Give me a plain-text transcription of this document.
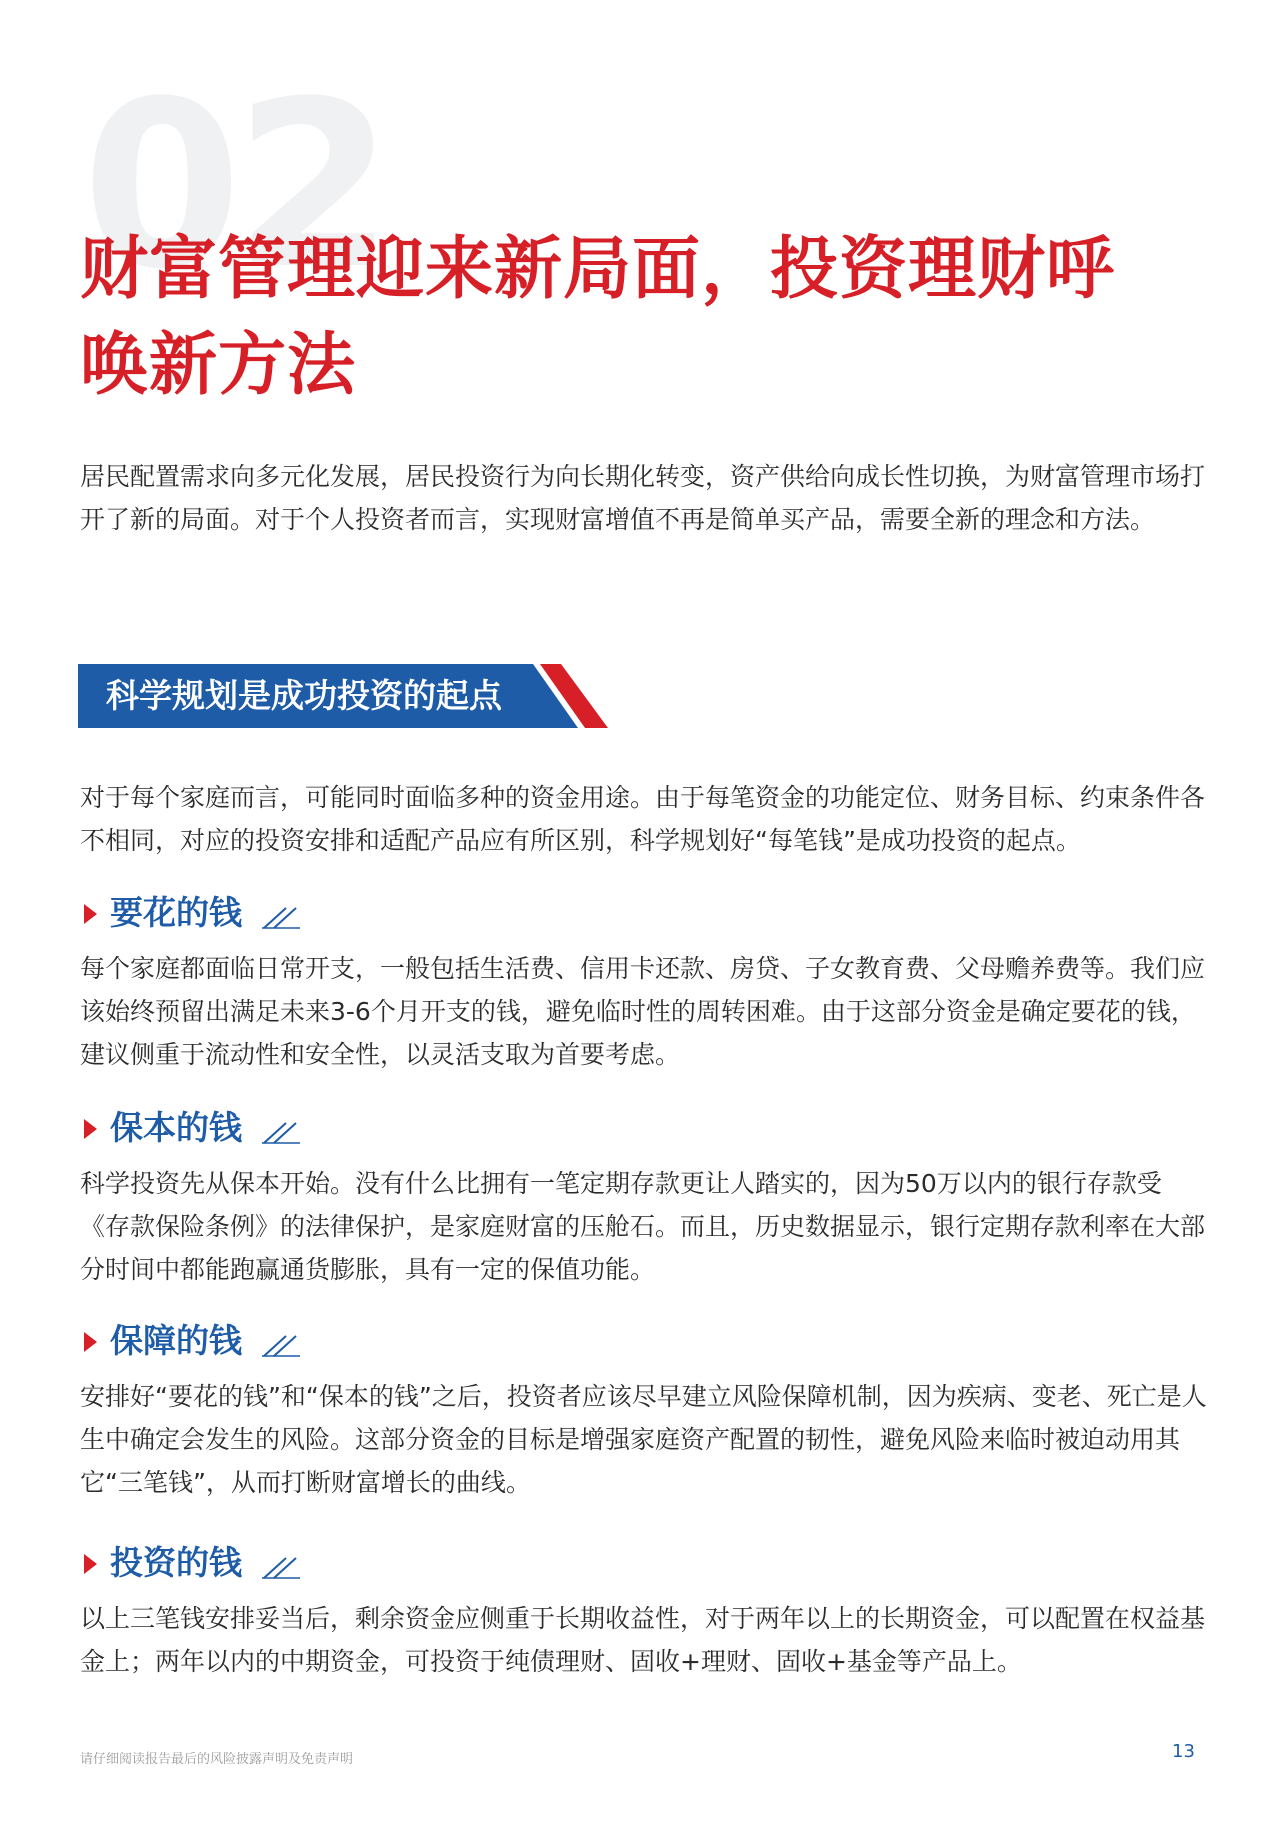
02
财富管理迎来新局面，投资理财呼唤新方法

居民配置需求向多元化发展，居民投资行为向长期化转变，资产供给向成长性切换，为财富管理市场打开了新的局面。对于个人投资者而言，实现财富增值不再是简单买产品，需要全新的理念和方法。

科学规划是成功投资的起点

对于每个家庭而言，可能同时面临多种的资金用途。由于每笔资金的功能定位、财务目标、约束条件各不相同，对应的投资安排和适配产品应有所区别，科学规划好“每笔钱”是成功投资的起点。

要花的钱

每个家庭都面临日常开支，一般包括生活费、信用卡还款、房贷、子女教育费、父母赡养费等。我们应该始终预留出满足未来3-6个月开支的钱，避免临时性的周转困难。由于这部分资金是确定要花的钱，建议侧重于流动性和安全性，以灵活支取为首要考虑。

保本的钱

科学投资先从保本开始。没有什么比拥有一笔定期存款更让人踏实的，因为50万以内的银行存款受《存款保险条例》的法律保护，是家庭财富的压舱石。而且，历史数据显示，银行定期存款利率在大部分时间中都能跑赢通货膨胀，具有一定的保值功能。

保障的钱

安排好“要花的钱”和“保本的钱”之后，投资者应该尽早建立风险保障机制，因为疾病、变老、死亡是人生中确定会发生的风险。这部分资金的目标是增强家庭资产配置的韧性，避免风险来临时被迫动用其它“三笔钱”，从而打断财富增长的曲线。

投资的钱

以上三笔钱安排妥当后，剩余资金应侧重于长期收益性，对于两年以上的长期资金，可以配置在权益基金上；两年以内的中期资金，可投资于纯债理财、固收+理财、固收+基金等产品上。

请仔细阅读报告最后的风险披露声明及免责声明	13
